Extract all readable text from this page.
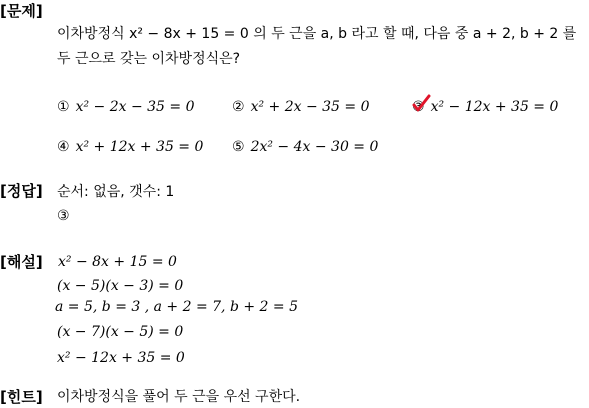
[문제]
이차방정식 x² − 8x + 15 = 0 의 두 근을 a, b 라고 할 때, 다음 중 a + 2, b + 2 를
두 근으로 갖는 이차방정식은?
① x² − 2x − 35 = 0	② x² + 2x − 35 = 0	③ x² − 12x + 35 = 0
④ x² + 12x + 35 = 0 ⑤ 2x² − 4x − 30 = 0
[정답] 순서: 없음, 갯수: 1
③
[해설] x² − 8x + 15 = 0
(x − 5)(x − 3) = 0
a = 5, b = 3 , a + 2 = 7, b + 2 = 5
(x − 7)(x − 5) = 0
x² − 12x + 35 = 0
[힌트] 이차방정식을 풀어 두 근을 우선 구한다.
